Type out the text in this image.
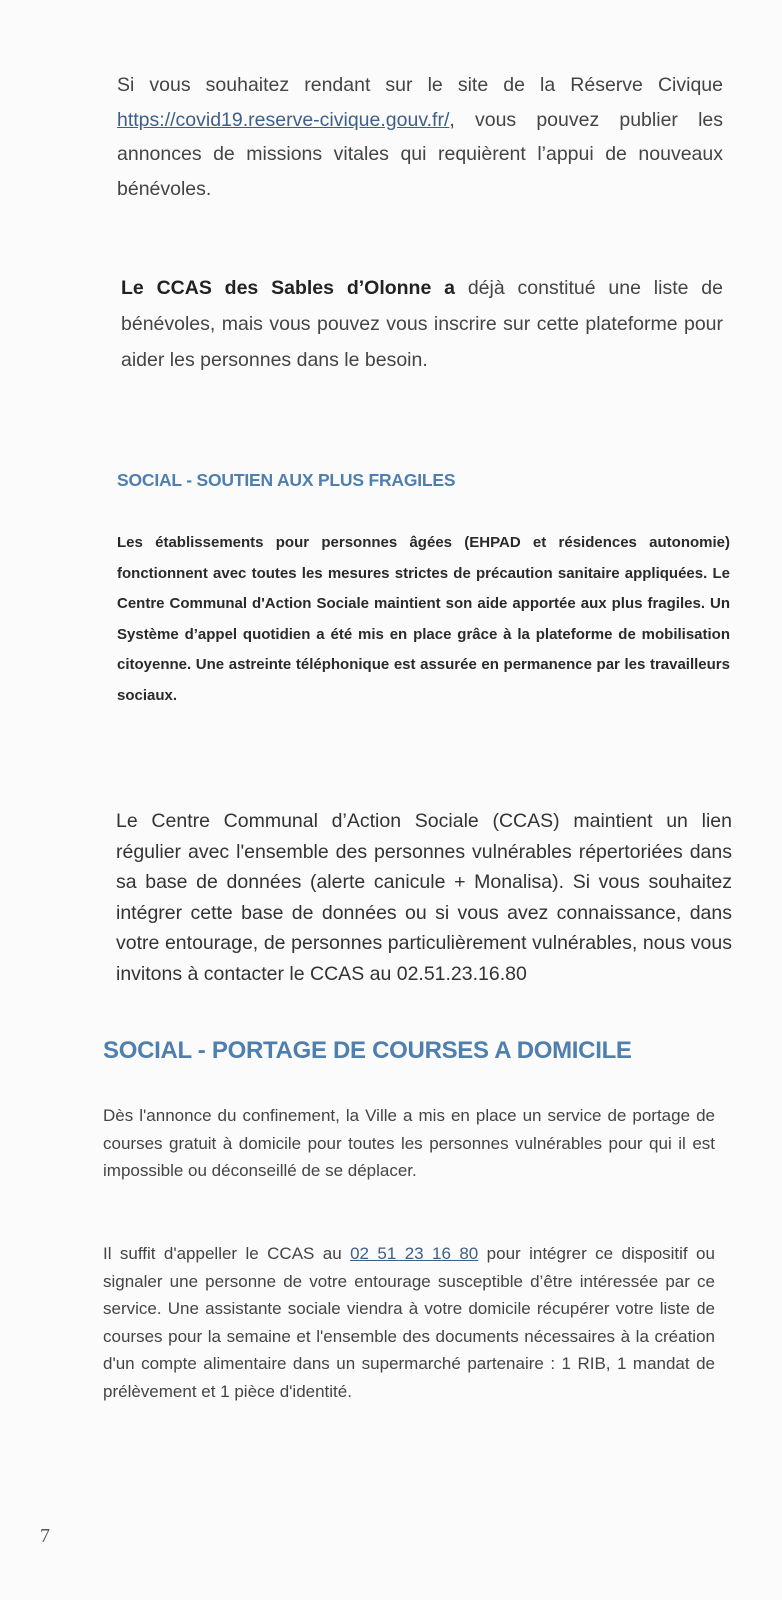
Si vous souhaitez rendant sur le site de la Réserve Civique https://covid19.reserve-civique.gouv.fr/, vous pouvez publier les annonces de missions vitales qui requièrent l’appui de nouveaux bénévoles.

Le CCAS des Sables d’Olonne a déjà constitué une liste de bénévoles, mais vous pouvez vous inscrire sur cette plateforme pour aider les personnes dans le besoin.

SOCIAL - SOUTIEN AUX PLUS FRAGILES

Les établissements pour personnes âgées (EHPAD et résidences autonomie) fonctionnent avec toutes les mesures strictes de précaution sanitaire appliquées. Le Centre Communal d'Action Sociale maintient son aide apportée aux plus fragiles. Un Système d’appel quotidien a été mis en place grâce à la plateforme de mobilisation citoyenne. Une astreinte téléphonique est assurée en permanence par les travailleurs sociaux.

Le Centre Communal d’Action Sociale (CCAS) maintient un lien régulier avec l'ensemble des personnes vulnérables répertoriées dans sa base de données (alerte canicule + Monalisa). Si vous souhaitez intégrer cette base de données ou si vous avez connaissance, dans votre entourage, de personnes particulièrement vulnérables, nous vous invitons à contacter le CCAS au 02.51.23.16.80

SOCIAL - PORTAGE DE COURSES A DOMICILE

Dès l'annonce du confinement, la Ville a mis en place un service de portage de courses gratuit à domicile pour toutes les personnes vulnérables pour qui il est impossible ou déconseillé de se déplacer.

Il suffit d'appeller le CCAS au 02 51 23 16 80 pour intégrer ce dispositif ou signaler une personne de votre entourage susceptible d’être intéressée par ce service. Une assistante sociale viendra à votre domicile récupérer votre liste de courses pour la semaine et l'ensemble des documents nécessaires à la création d'un compte alimentaire dans un supermarché partenaire : 1 RIB, 1 mandat de prélèvement et 1 pièce d'identité.

7
